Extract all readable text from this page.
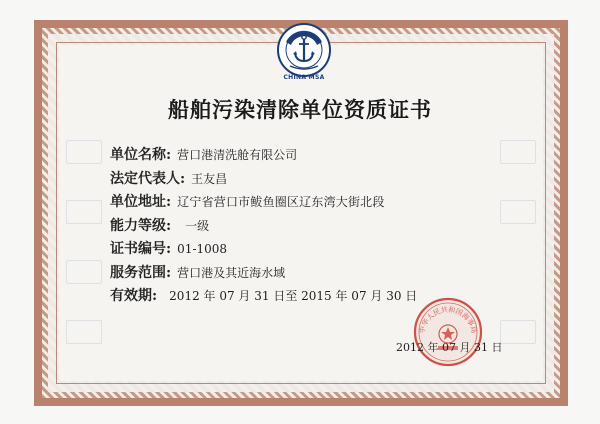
CHINA MSA
船舶污染清除单位资质证书
单位名称: 营口港清洗舱有限公司
法定代表人: 王友昌
单位地址: 辽宁省营口市鲅鱼圈区辽东湾大街北段
能力等级: 一级
证书编号: 01-1008
服务范围: 营口港及其近海水域
有效期: 2012 年 07 月 31 日至 2015 年 07 月 30 日
中华人民共和国海事局
2012 年 07 月 31 日
